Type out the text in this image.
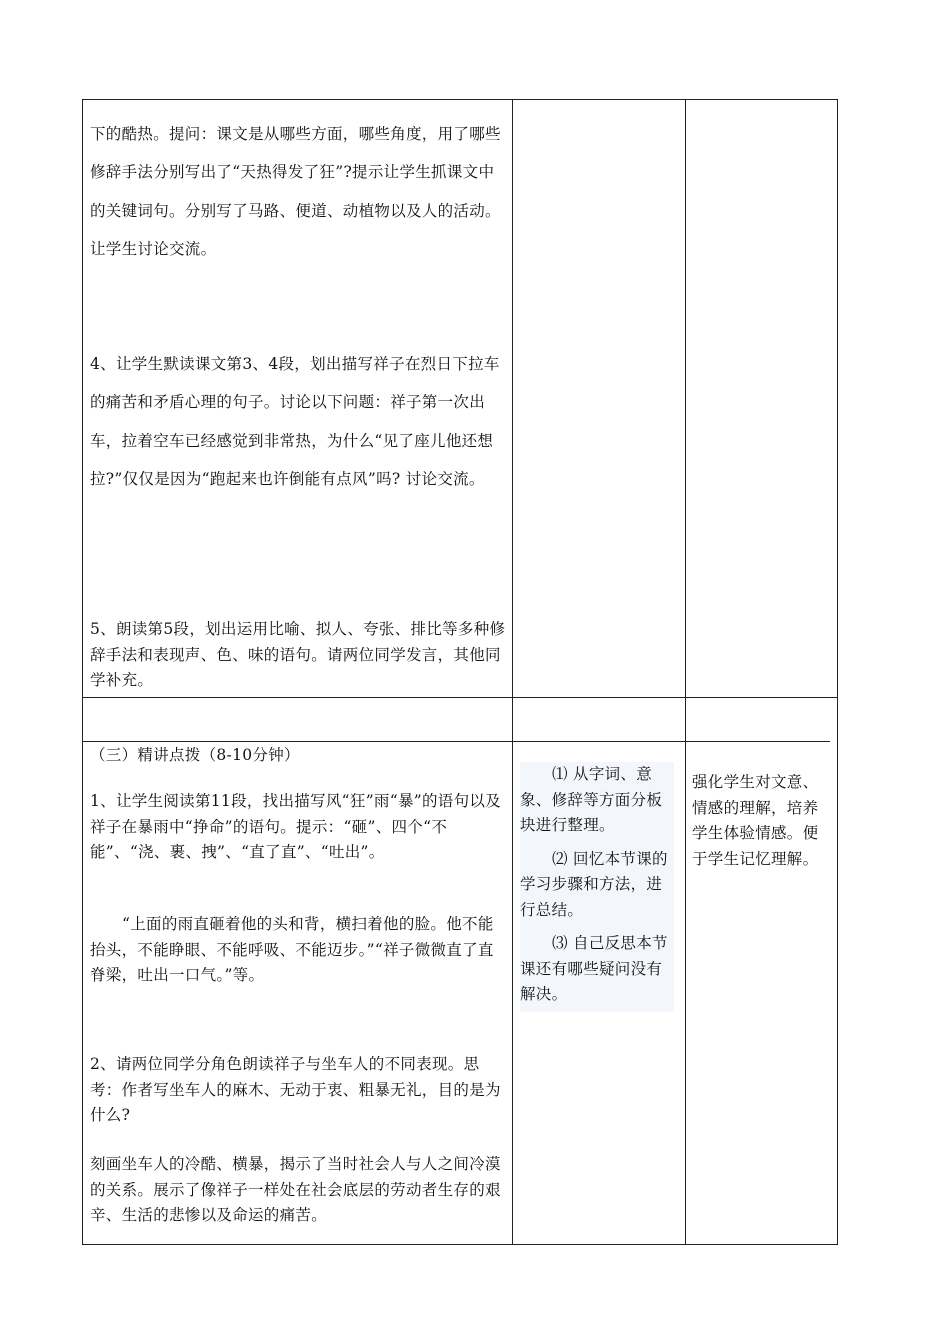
下的酷热。提问：课文是从哪些方面，哪些角度，用了哪些修辞手法分别写出了“天热得发了狂”?提示让学生抓课文中的关键词句。分别写了马路、便道、动植物以及人的活动。让学生讨论交流。

4、让学生默读课文第3、4段，划出描写祥子在烈日下拉车的痛苦和矛盾心理的句子。讨论以下问题：祥子第一次出车，拉着空车已经感觉到非常热，为什么“见了座儿他还想拉?”仅仅是因为“跑起来也许倒能有点风”吗? 讨论交流。

5、朗读第5段，划出运用比喻、拟人、夸张、排比等多种修辞手法和表现声、色、味的语句。请两位同学发言，其他同学补充。

（三）精讲点拨（8-10分钟）

1、让学生阅读第11段，找出描写风“狂”雨“暴”的语句以及祥子在暴雨中“挣命”的语句。提示：“砸”、四个“不能”、“浇、裹、拽”、“直了直”、“吐出”。

“上面的雨直砸着他的头和背，横扫着他的脸。他不能抬头，不能睁眼、不能呼吸、不能迈步。”“祥子微微直了直脊梁，吐出一口气。”等。

2、请两位同学分角色朗读祥子与坐车人的不同表现。思考：作者写坐车人的麻木、无动于衷、粗暴无礼，目的是为什么?

刻画坐车人的冷酷、横暴，揭示了当时社会人与人之间冷漠的关系。展示了像祥子一样处在社会底层的劳动者生存的艰辛、生活的悲惨以及命运的痛苦。

⑴ 从字词、意象、修辞等方面分板块进行整理。

⑵ 回忆本节课的学习步骤和方法，进行总结。

⑶ 自己反思本节课还有哪些疑问没有解决。

强化学生对文意、情感的理解，培养学生体验情感。便于学生记忆理解。
